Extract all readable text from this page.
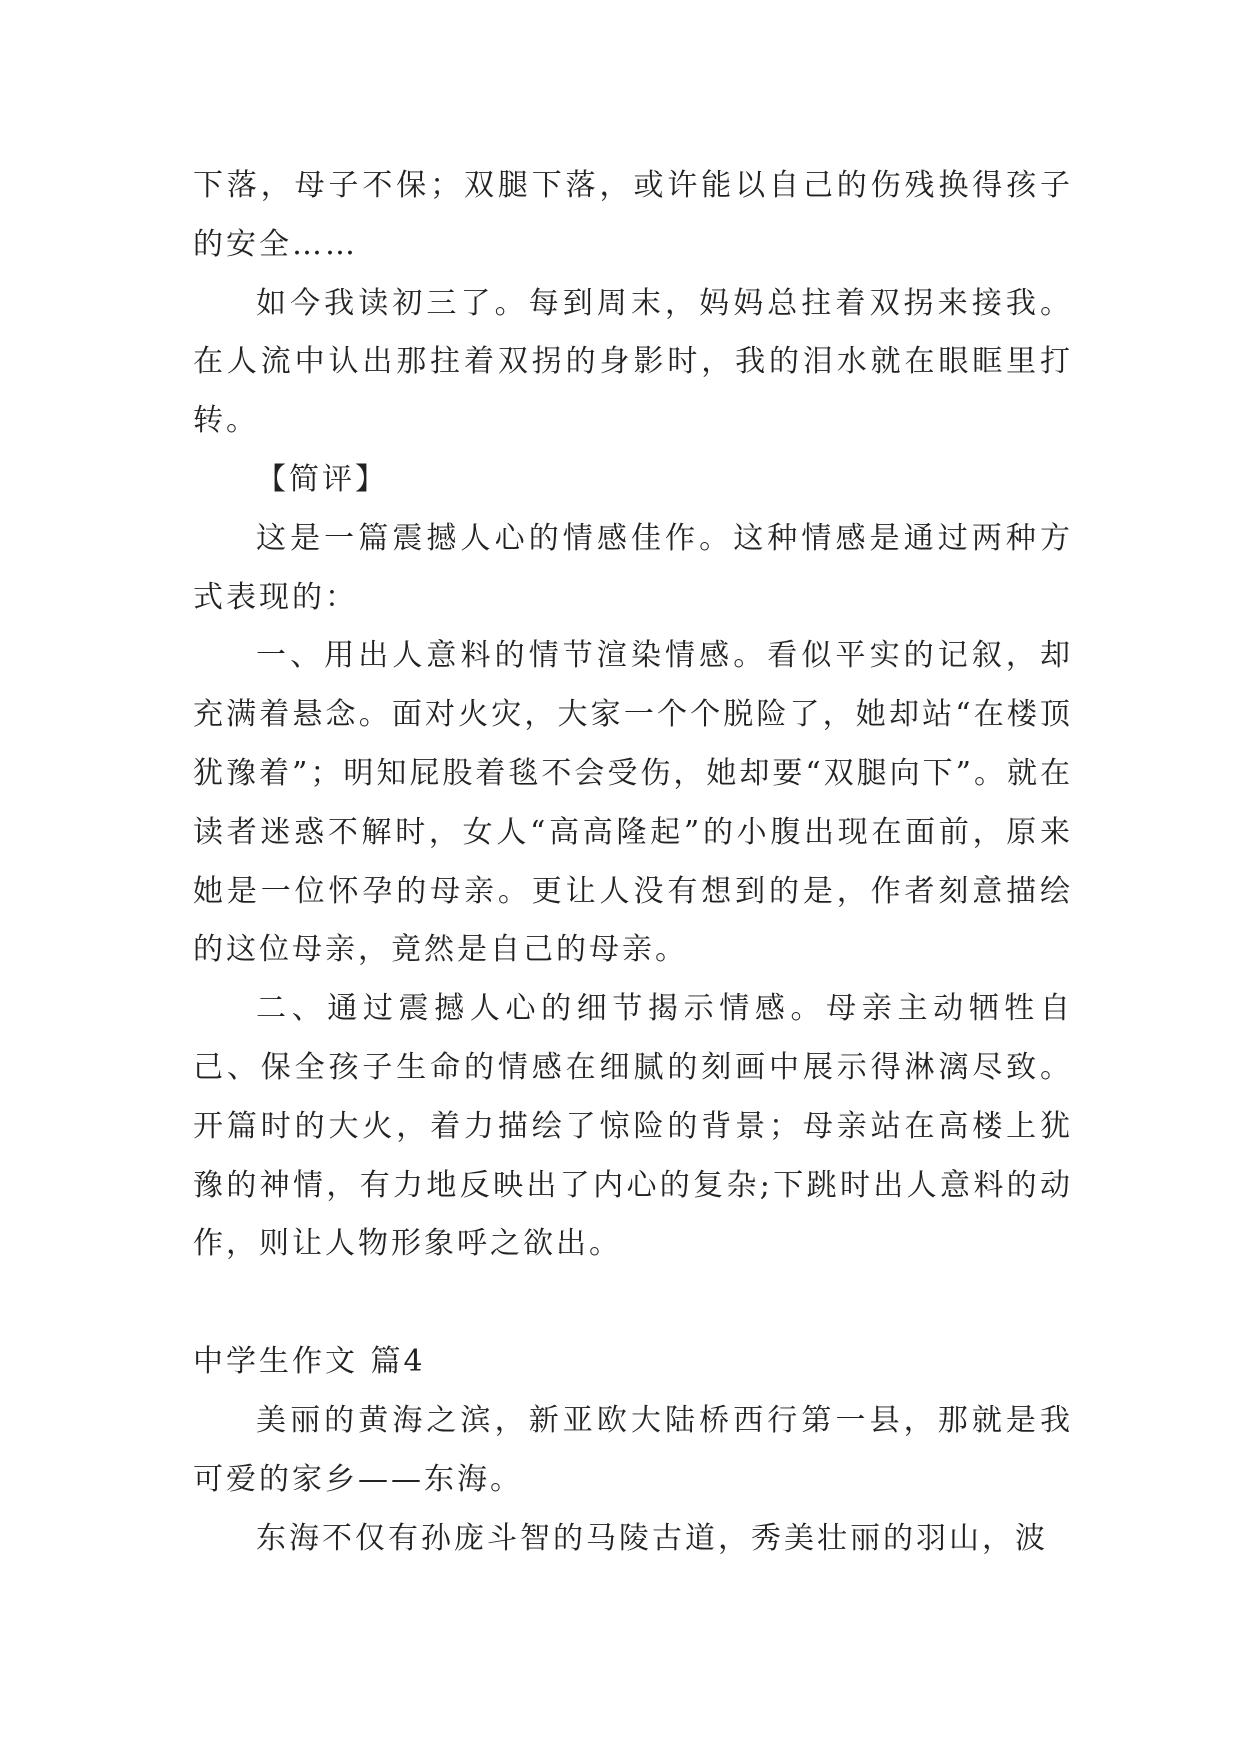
下落，母子不保；双腿下落，或许能以自己的伤残换得孩子的安全……

如今我读初三了。每到周末，妈妈总拄着双拐来接我。在人流中认出那拄着双拐的身影时，我的泪水就在眼眶里打转。

【简评】

这是一篇震撼人心的情感佳作。这种情感是通过两种方式表现的：

一、用出人意料的情节渲染情感。看似平实的记叙，却充满着悬念。面对火灾，大家一个个脱险了，她却站“在楼顶犹豫着”；明知屁股着毯不会受伤，她却要“双腿向下”。就在读者迷惑不解时，女人“高高隆起”的小腹出现在面前，原来她是一位怀孕的母亲。更让人没有想到的是，作者刻意描绘的这位母亲，竟然是自己的母亲。

二、通过震撼人心的细节揭示情感。母亲主动牺牲自己、保全孩子生命的情感在细腻的刻画中展示得淋漓尽致。开篇时的大火，着力描绘了惊险的背景；母亲站在高楼上犹豫的神情，有力地反映出了内心的复杂;下跳时出人意料的动作，则让人物形象呼之欲出。

中学生作文 篇4

美丽的黄海之滨，新亚欧大陆桥西行第一县，那就是我可爱的家乡——东海。

东海不仅有孙庞斗智的马陵古道，秀美壮丽的羽山，波
